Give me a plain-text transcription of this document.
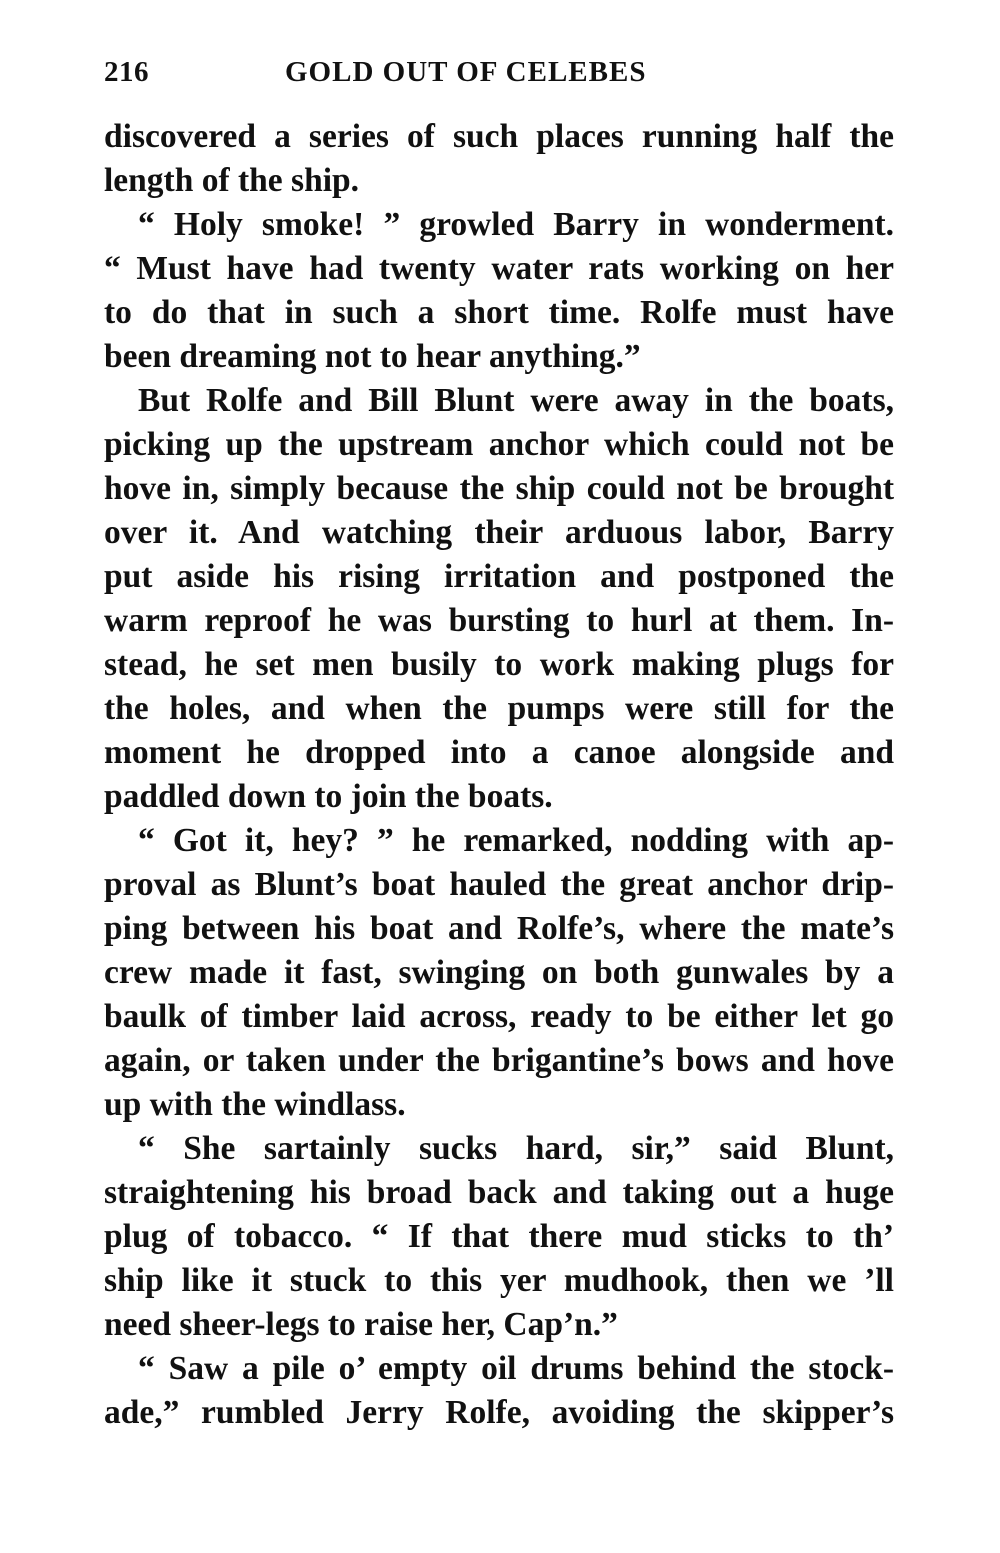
216	GOLD OUT OF CELEBES
discovered a series of such places running half the
length of the ship.
“ Holy smoke! ” growled Barry in wonderment.
“ Must have had twenty water rats working on her
to do that in such a short time. Rolfe must have
been dreaming not to hear anything.”
But Rolfe and Bill Blunt were away in the boats,
picking up the upstream anchor which could not be
hove in, simply because the ship could not be brought
over it. And watching their arduous labor, Barry
put aside his rising irritation and postponed the
warm reproof he was bursting to hurl at them. In-
stead, he set men busily to work making plugs for
the holes, and when the pumps were still for the
moment he dropped into a canoe alongside and
paddled down to join the boats.
“ Got it, hey? ” he remarked, nodding with ap-
proval as Blunt’s boat hauled the great anchor drip-
ping between his boat and Rolfe’s, where the mate’s
crew made it fast, swinging on both gunwales by a
baulk of timber laid across, ready to be either let go
again, or taken under the brigantine’s bows and hove
up with the windlass.
“ She sartainly sucks hard, sir,” said Blunt,
straightening his broad back and taking out a huge
plug of tobacco. “ If that there mud sticks to th’
ship like it stuck to this yer mudhook, then we ’ll
need sheer-legs to raise her, Cap’n.”
“ Saw a pile o’ empty oil drums behind the stock-
ade,” rumbled Jerry Rolfe, avoiding the skipper’s
